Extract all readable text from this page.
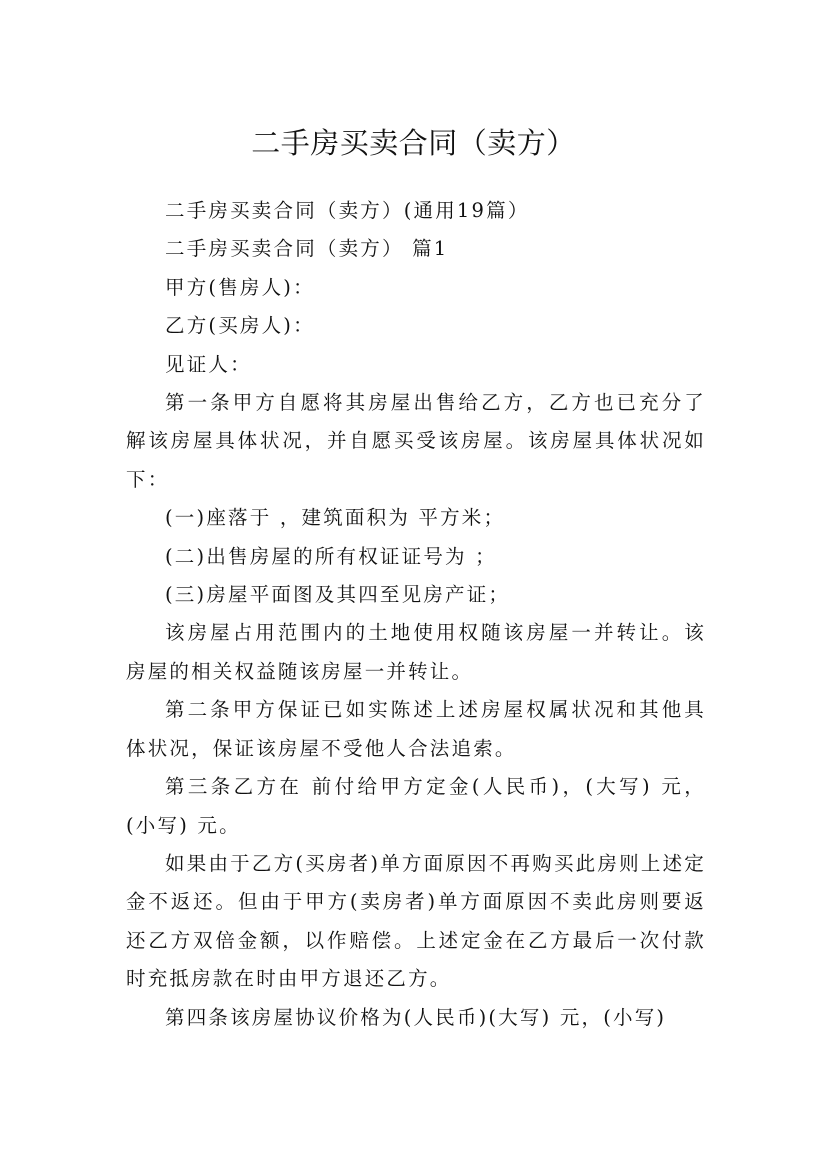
二手房买卖合同（卖方）

二手房买卖合同（卖方）(通用19篇）

二手房买卖合同（卖方） 篇1

甲方(售房人)：

乙方(买房人)：

见证人：

第一条甲方自愿将其房屋出售给乙方，乙方也已充分了解该房屋具体状况，并自愿买受该房屋。该房屋具体状况如下：

(一)座落于 ，建筑面积为 平方米；

(二)出售房屋的所有权证证号为 ；

(三)房屋平面图及其四至见房产证；

该房屋占用范围内的土地使用权随该房屋一并转让。该房屋的相关权益随该房屋一并转让。

第二条甲方保证已如实陈述上述房屋权属状况和其他具体状况，保证该房屋不受他人合法追索。

第三条乙方在 前付给甲方定金(人民币)，(大写) 元，(小写) 元。

如果由于乙方(买房者)单方面原因不再购买此房则上述定金不返还。但由于甲方(卖房者)单方面原因不卖此房则要返还乙方双倍金额，以作赔偿。上述定金在乙方最后一次付款时充抵房款在时由甲方退还乙方。

第四条该房屋协议价格为(人民币)(大写) 元，(小写)
